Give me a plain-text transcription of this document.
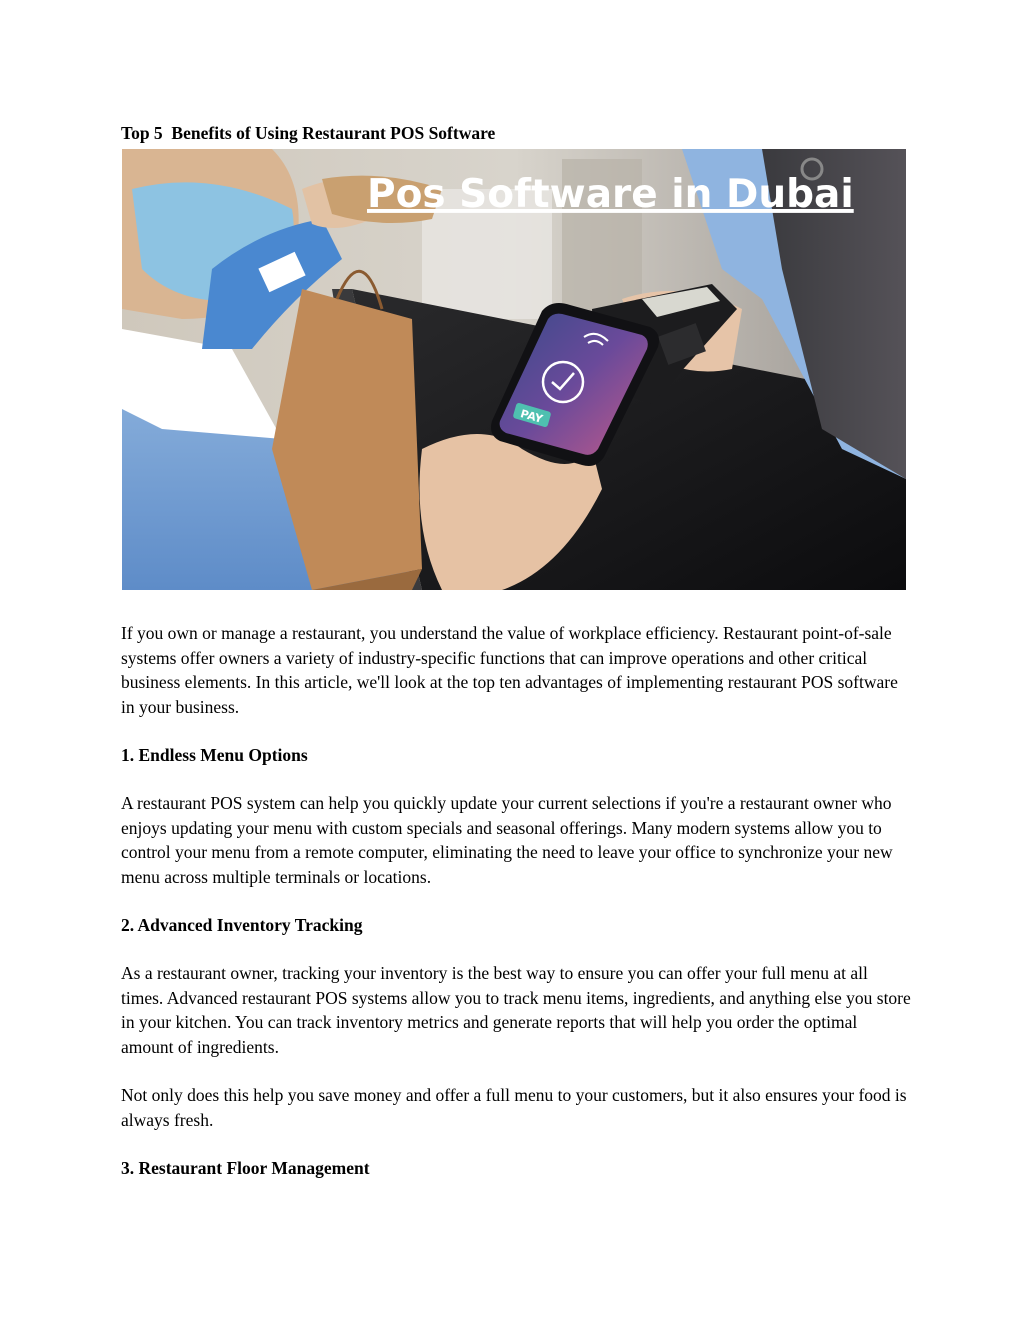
Top 5  Benefits of Using Restaurant POS Software
PAY
Pos Software in Dubai

If you own or manage a restaurant, you understand the value of workplace efficiency. Restaurant point-of-sale systems offer owners a variety of industry-specific functions that can improve operations and other critical business elements. In this article, we'll look at the top ten advantages of implementing restaurant POS software in your business.

1. Endless Menu Options

A restaurant POS system can help you quickly update your current selections if you're a restaurant owner who enjoys updating your menu with custom specials and seasonal offerings. Many modern systems allow you to control your menu from a remote computer, eliminating the need to leave your office to synchronize your new menu across multiple terminals or locations.

2. Advanced Inventory Tracking

As a restaurant owner, tracking your inventory is the best way to ensure you can offer your full menu at all times. Advanced restaurant POS systems allow you to track menu items, ingredients, and anything else you store in your kitchen. You can track inventory metrics and generate reports that will help you order the optimal amount of ingredients.

Not only does this help you save money and offer a full menu to your customers, but it also ensures your food is always fresh.

3. Restaurant Floor Management
